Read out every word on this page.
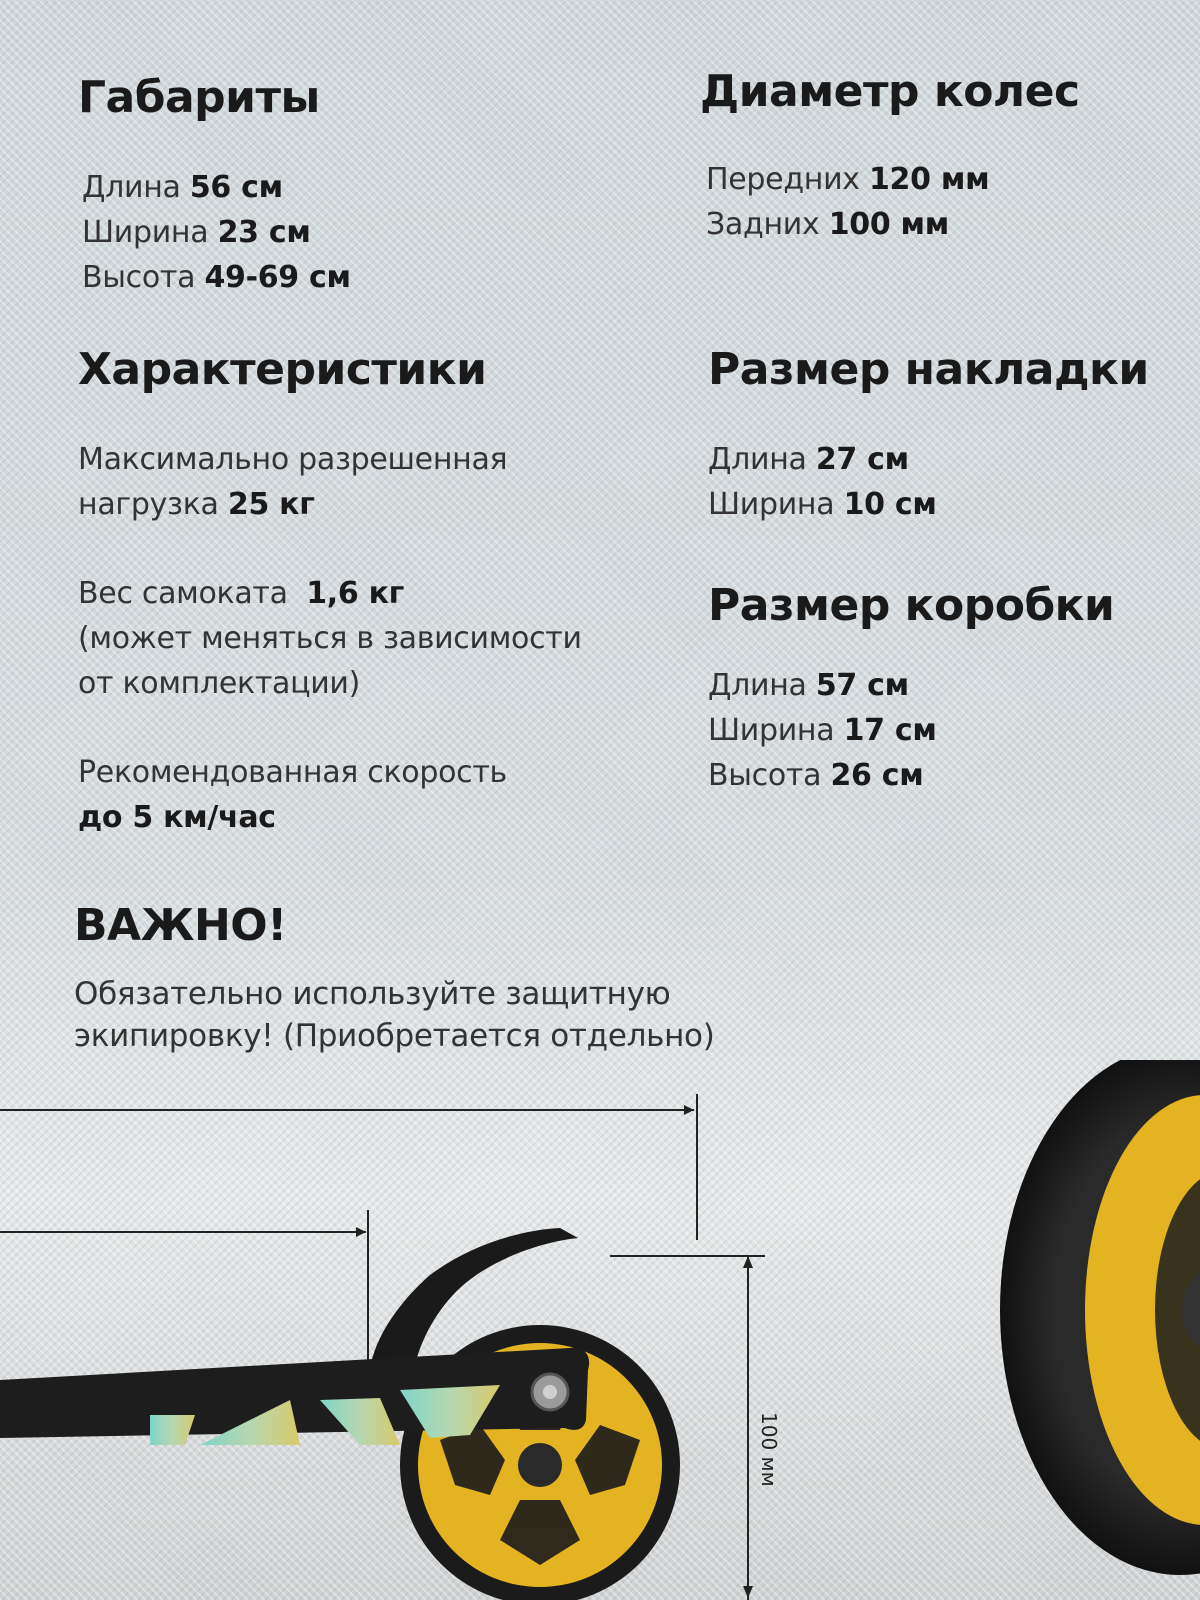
Габариты
Длина 56 см
Ширина 23 см
Высота 49-69 см
Диаметр колес
Передних 120 мм
Задних 100 мм
Характеристики
Максимально разрешенная
нагрузка 25 кг
Вес самоката 1,6 кг
(может меняться в зависимости
от комплектации)
Рекомендованная скорость
до 5 км/час
Размер накладки
Длина 27 см
Ширина 10 см
Размер коробки
Длина 57 см
Ширина 17 см
Высота 26 см
ВАЖНО!
Обязательно используйте защитную
экипировку! (Приобретается отдельно)
100 мм
